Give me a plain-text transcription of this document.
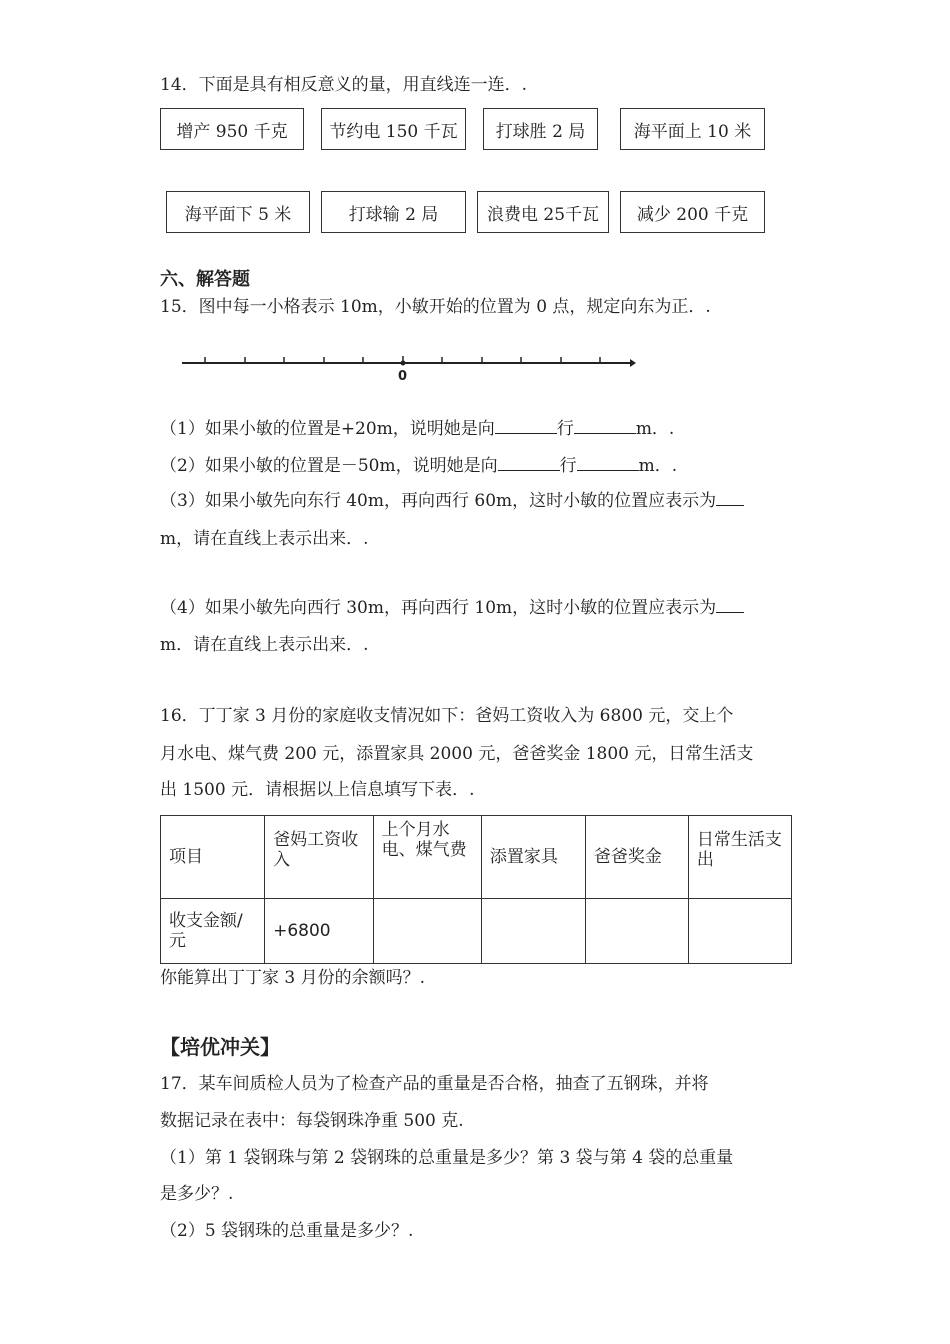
14．下面是具有相反意义的量，用直线连一连．.
增产 950 千克	节约电 150 千瓦	打球胜 2 局	海平面上 10 米
海平面下 5 米	打球输 2 局	浪费电 25千瓦	减少 200 千克
六、解答题
15．图中每一小格表示 10m，小敏开始的位置为 0 点，规定向东为正．.
0
（1）如果小敏的位置是+20m，说明她是向	行	m．.
（2）如果小敏的位置是－50m，说明她是向	行	m．.
（3）如果小敏先向东行 40m，再向西行 60m，这时小敏的位置应表示为
m，请在直线上表示出来．.
（4）如果小敏先向西行 30m，再向西行 10m，这时小敏的位置应表示为
m．请在直线上表示出来．.
16．丁丁家 3 月份的家庭收支情况如下：爸妈工资收入为 6800 元，交上个
月水电、煤气费 200 元，添置家具 2000 元，爸爸奖金 1800 元，日常生活支
出 1500 元．请根据以上信息填写下表．.
项目	爸妈工资收入	上个月水电、煤气费	添置家具	爸爸奖金	日常生活支出
收支金额/元	+6800				
你能算出丁丁家 3 月份的余额吗？.
【培优冲关】
17．某车间质检人员为了检查产品的重量是否合格，抽查了五钢珠，并将
数据记录在表中：每袋钢珠净重 500 克.
（1）第 1 袋钢珠与第 2 袋钢珠的总重量是多少？第 3 袋与第 4 袋的总重量
是多少？.
（2）5 袋钢珠的总重量是多少？.
